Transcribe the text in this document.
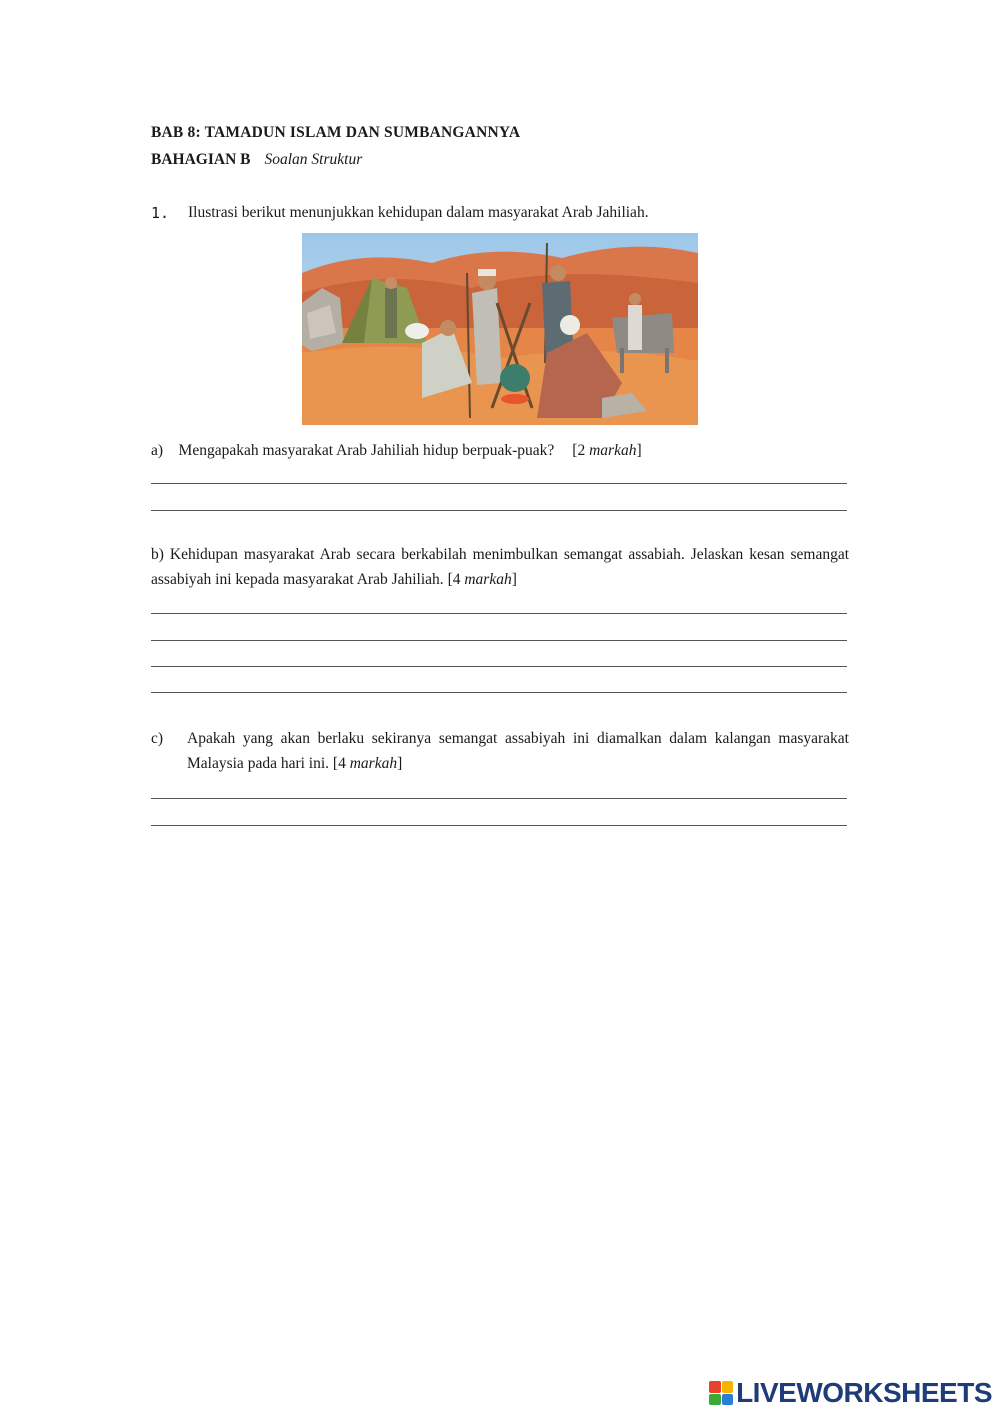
BAB 8: TAMADUN ISLAM DAN SUMBANGANNYA
BAHAGIAN B Soalan Struktur
1. Ilustrasi berikut menunjukkan kehidupan dalam masyarakat Arab Jahiliah.
a) Mengapakah masyarakat Arab Jahiliah hidup berpuak-puak? [2 markah]
b) Kehidupan masyarakat Arab secara berkabilah menimbulkan semangat assabiah. Jelaskan kesan semangat assabiyah ini kepada masyarakat Arab Jahiliah. [4 markah]
c) Apakah yang akan berlaku sekiranya semangat assabiyah ini diamalkan dalam kalangan masyarakat Malaysia pada hari ini. [4 markah]
LIVEWORKSHEETS
